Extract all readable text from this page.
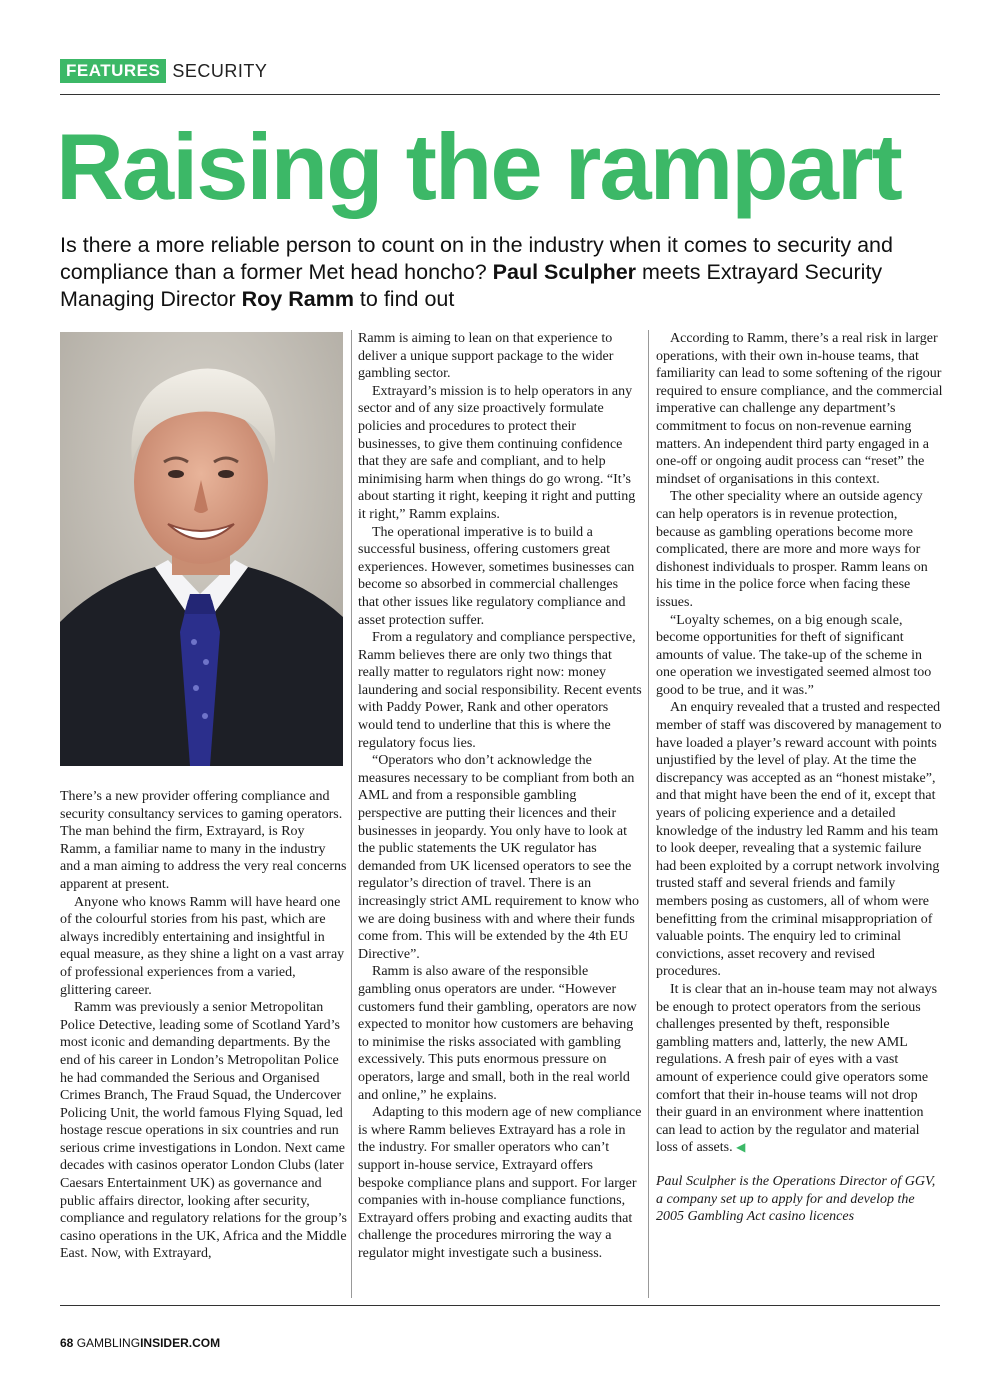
FEATURES SECURITY
Raising the rampart

Is there a more reliable person to count on in the industry when it comes to security and compliance than a former Met head honcho? Paul Sculpher meets Extrayard Security Managing Director Roy Ramm to find out

There’s a new provider offering compliance and security consultancy services to gaming operators. The man behind the firm, Extrayard, is Roy Ramm, a familiar name to many in the industry and a man aiming to address the very real concerns apparent at present.

Anyone who knows Ramm will have heard one of the colourful stories from his past, which are always incredibly entertaining and insightful in equal measure, as they shine a light on a vast array of professional experiences from a varied, glittering career.

Ramm was previously a senior Metropolitan Police Detective, leading some of Scotland Yard’s most iconic and demanding departments. By the end of his career in London’s Metropolitan Police he had commanded the Serious and Organised Crimes Branch, The Fraud Squad, the Undercover Policing Unit, the world famous Flying Squad, led hostage rescue operations in six countries and run serious crime investigations in London. Next came decades with casinos operator London Clubs (later Caesars Entertainment UK) as governance and public affairs director, looking after security, compliance and regulatory relations for the group’s casino operations in the UK, Africa and the Middle East. Now, with Extrayard,

Ramm is aiming to lean on that experience to deliver a unique support package to the wider gambling sector.

Extrayard’s mission is to help operators in any sector and of any size proactively formulate policies and procedures to protect their businesses, to give them continuing confidence that they are safe and compliant, and to help minimising harm when things do go wrong. “It’s about starting it right, keeping it right and putting it right,” Ramm explains.

The operational imperative is to build a successful business, offering customers great experiences. However, sometimes businesses can become so absorbed in commercial challenges that other issues like regulatory compliance and asset protection suffer.

From a regulatory and compliance perspective, Ramm believes there are only two things that really matter to regulators right now: money laundering and social responsibility. Recent events with Paddy Power, Rank and other operators would tend to underline that this is where the regulatory focus lies.

“Operators who don’t acknowledge the measures necessary to be compliant from both an AML and from a responsible gambling perspective are putting their licences and their businesses in jeopardy. You only have to look at the public statements the UK regulator has demanded from UK licensed operators to see the regulator’s direction of travel. There is an increasingly strict AML requirement to know who we are doing business with and where their funds come from. This will be extended by the 4th EU Directive”.

Ramm is also aware of the responsible gambling onus operators are under. “However customers fund their gambling, operators are now expected to monitor how customers are behaving to minimise the risks associated with gambling excessively. This puts enormous pressure on operators, large and small, both in the real world and online,” he explains.

Adapting to this modern age of new compliance is where Ramm believes Extrayard has a role in the industry. For smaller operators who can’t support in-house service, Extrayard offers bespoke compliance plans and support. For larger companies with in-house compliance functions, Extrayard offers probing and exacting audits that challenge the procedures mirroring the way a regulator might investigate such a business.

According to Ramm, there’s a real risk in larger operations, with their own in-house teams, that familiarity can lead to some softening of the rigour required to ensure compliance, and the commercial imperative can challenge any department’s commitment to focus on non-revenue earning matters. An independent third party engaged in a one-off or ongoing audit process can “reset” the mindset of organisations in this context.

The other speciality where an outside agency can help operators is in revenue protection, because as gambling operations become more complicated, there are more and more ways for dishonest individuals to prosper. Ramm leans on his time in the police force when facing these issues.

“Loyalty schemes, on a big enough scale, become opportunities for theft of significant amounts of value. The take-up of the scheme in one operation we investigated seemed almost too good to be true, and it was.”

An enquiry revealed that a trusted and respected member of staff was discovered by management to have loaded a player’s reward account with points unjustified by the level of play. At the time the discrepancy was accepted as an “honest mistake”, and that might have been the end of it, except that years of policing experience and a detailed knowledge of the industry led Ramm and his team to look deeper, revealing that a systemic failure had been exploited by a corrupt network involving trusted staff and several friends and family members posing as customers, all of whom were benefitting from the criminal misappropriation of valuable points. The enquiry led to criminal convictions, asset recovery and revised procedures.

It is clear that an in-house team may not always be enough to protect operators from the serious challenges presented by theft, responsible gambling matters and, latterly, the new AML regulations. A fresh pair of eyes with a vast amount of experience could give operators some comfort that their in-house teams will not drop their guard in an environment where inattention can lead to action by the regulator and material loss of assets. ◀

Paul Sculpher is the Operations Director of GGV, a company set up to apply for and develop the 2005 Gambling Act casino licences

68 GAMBLINGINSIDER.COM
